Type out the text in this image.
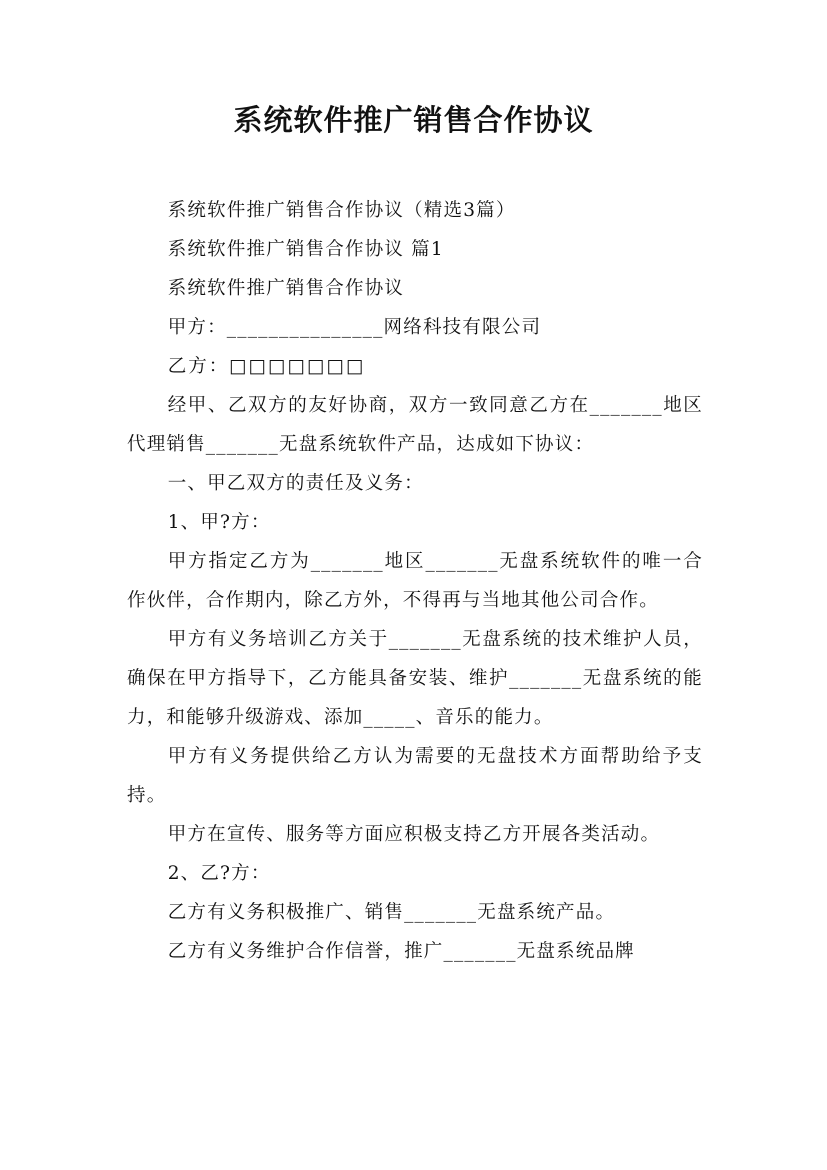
系统软件推广销售合作协议

系统软件推广销售合作协议（精选3篇）

系统软件推广销售合作协议 篇1

系统软件推广销售合作协议

甲方：_______________网络科技有限公司

乙方：□□□□□□□

经甲、乙双方的友好协商，双方一致同意乙方在_______地区代理销售_______无盘系统软件产品，达成如下协议：

一、甲乙双方的责任及义务：

1、甲?方：

甲方指定乙方为_______地区_______无盘系统软件的唯一合作伙伴，合作期内，除乙方外，不得再与当地其他公司合作。

甲方有义务培训乙方关于_______无盘系统的技术维护人员，确保在甲方指导下，乙方能具备安装、维护_______无盘系统的能力，和能够升级游戏、添加_____、音乐的能力。

甲方有义务提供给乙方认为需要的无盘技术方面帮助给予支持。

甲方在宣传、服务等方面应积极支持乙方开展各类活动。

2、乙?方：

乙方有义务积极推广、销售_______无盘系统产品。

乙方有义务维护合作信誉，推广_______无盘系统品牌
